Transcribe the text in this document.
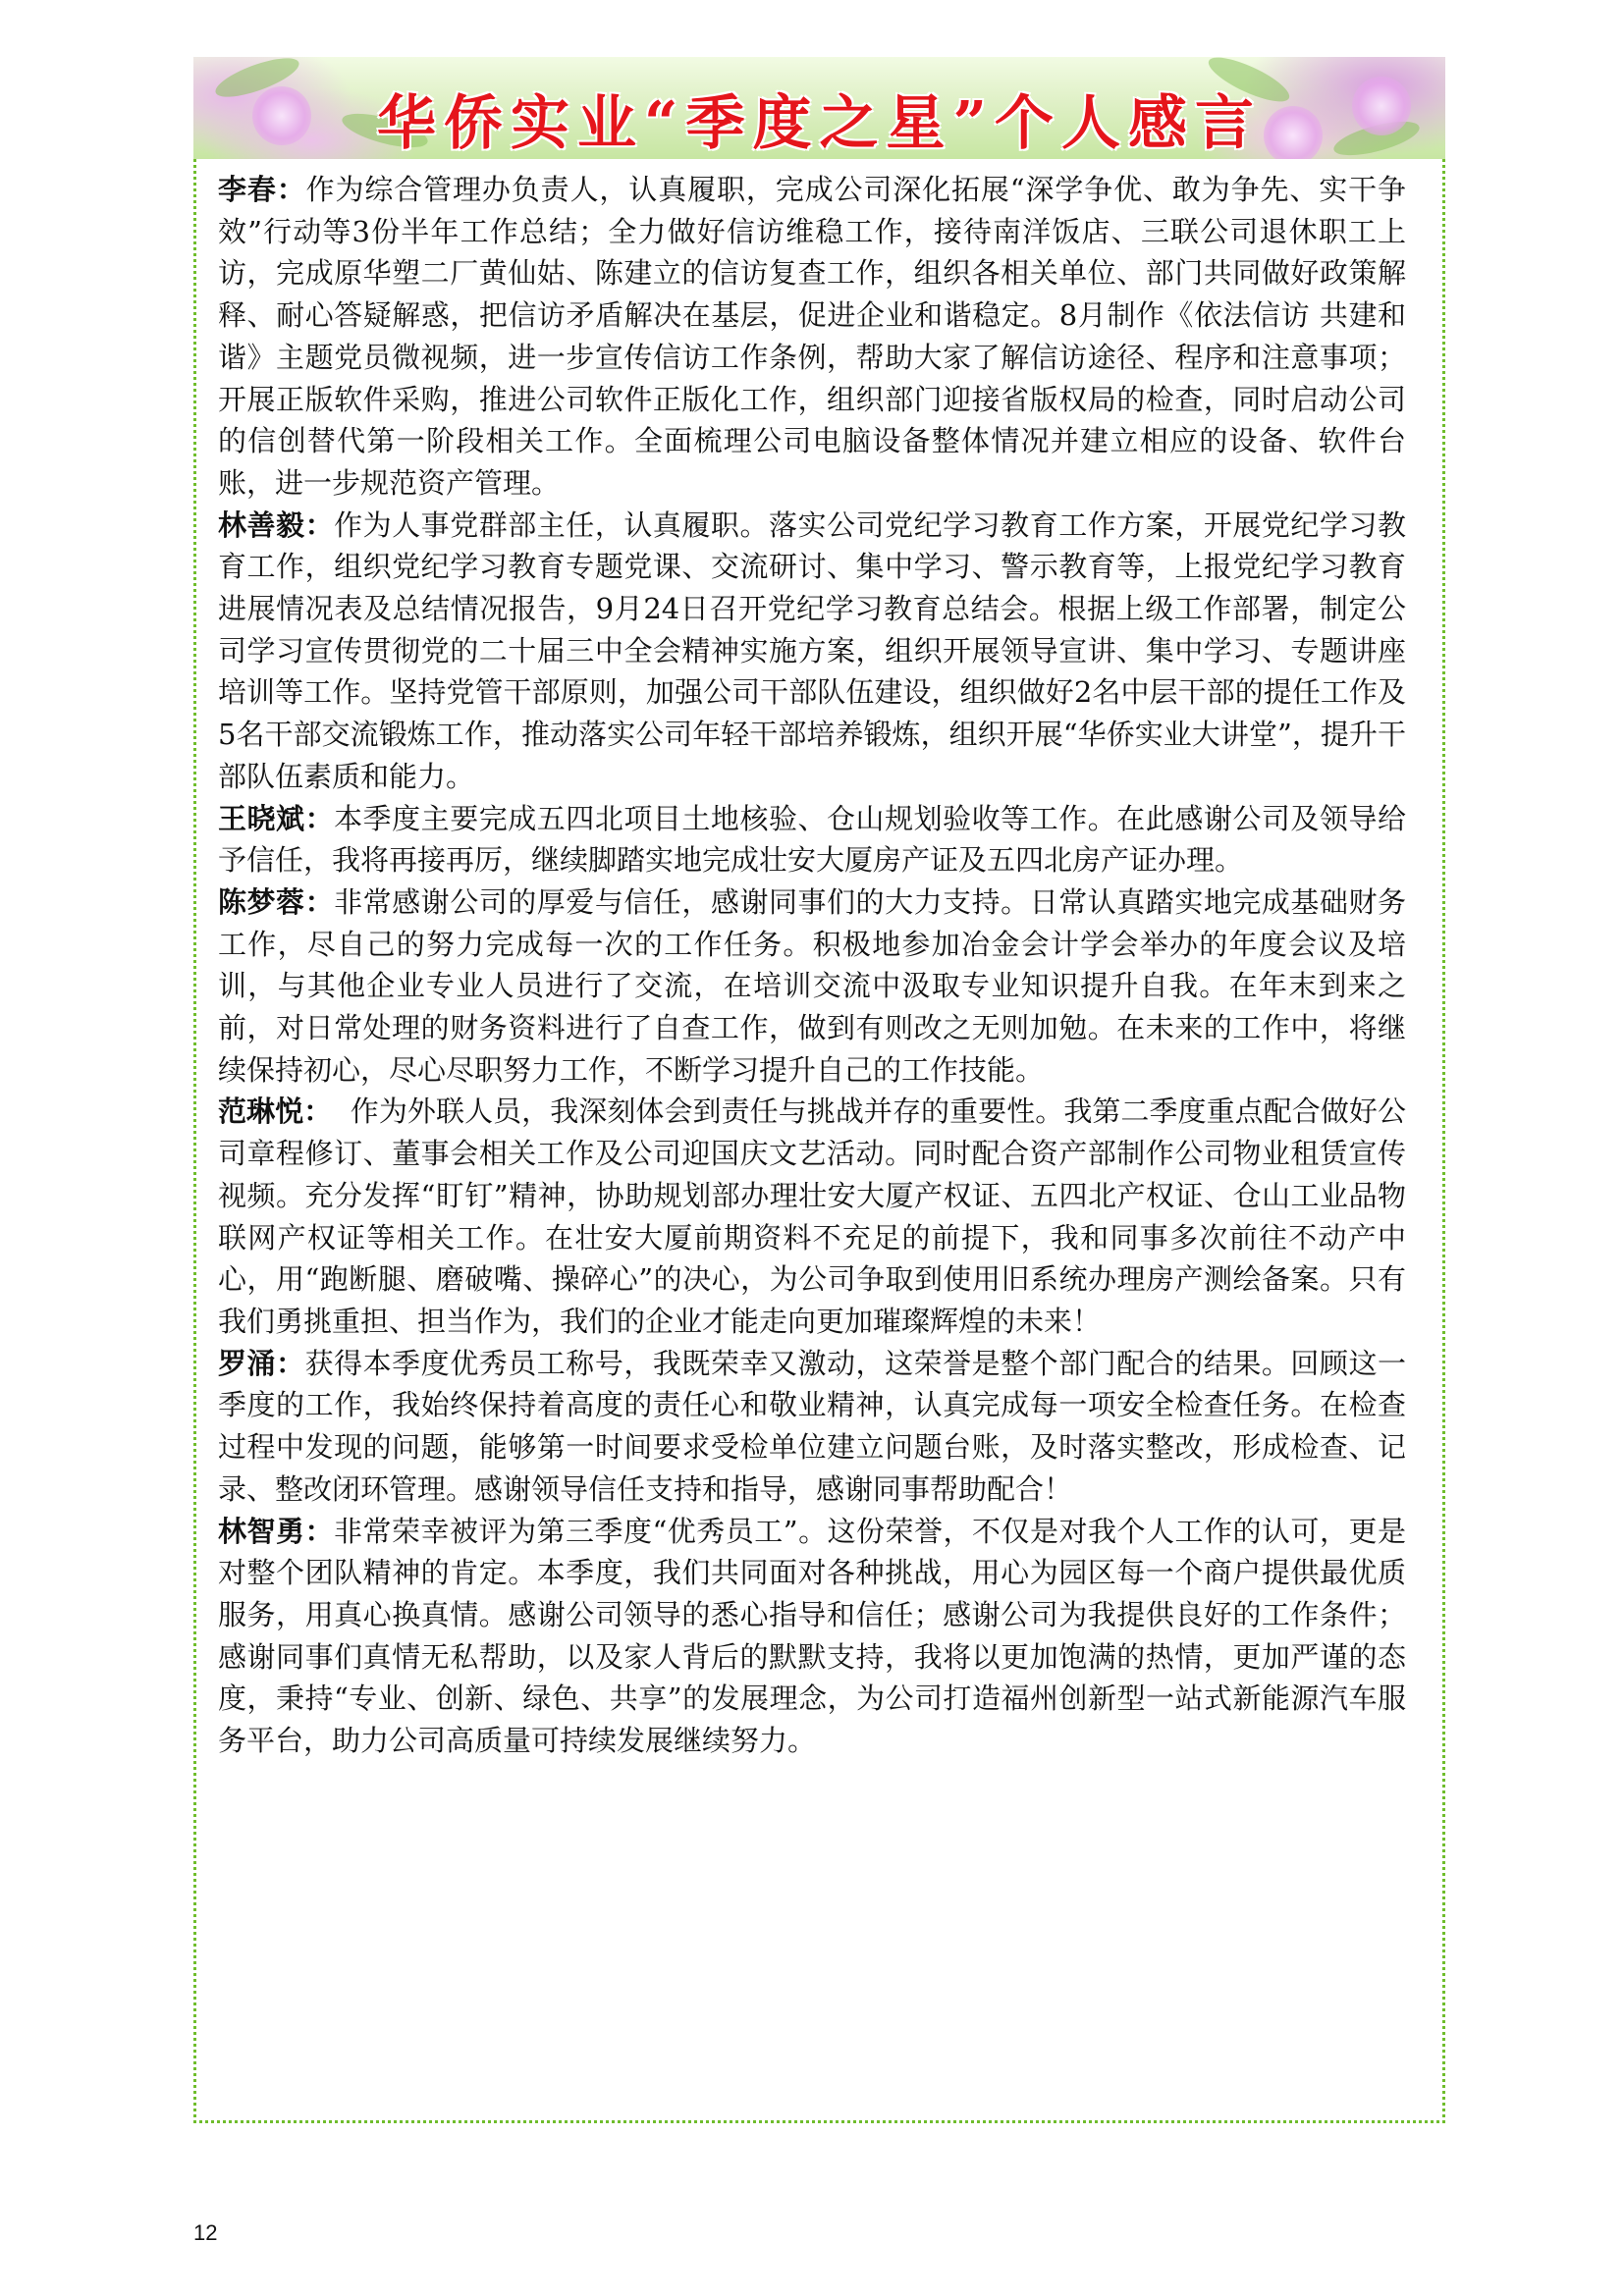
华侨实业“季度之星”个人感言

李春：作为综合管理办负责人，认真履职，完成公司深化拓展“深学争优、敢为争先、实干争效”行动等3份半年工作总结；全力做好信访维稳工作，接待南洋饭店、三联公司退休职工上访，完成原华塑二厂黄仙姑、陈建立的信访复查工作，组织各相关单位、部门共同做好政策解释、耐心答疑解惑，把信访矛盾解决在基层，促进企业和谐稳定。8月制作《依法信访 共建和谐》主题党员微视频，进一步宣传信访工作条例，帮助大家了解信访途径、程序和注意事项；开展正版软件采购，推进公司软件正版化工作，组织部门迎接省版权局的检查，同时启动公司的信创替代第一阶段相关工作。全面梳理公司电脑设备整体情况并建立相应的设备、软件台账，进一步规范资产管理。

林善毅：作为人事党群部主任，认真履职。落实公司党纪学习教育工作方案，开展党纪学习教育工作，组织党纪学习教育专题党课、交流研讨、集中学习、警示教育等，上报党纪学习教育进展情况表及总结情况报告，9月24日召开党纪学习教育总结会。根据上级工作部署，制定公司学习宣传贯彻党的二十届三中全会精神实施方案，组织开展领导宣讲、集中学习、专题讲座培训等工作。坚持党管干部原则，加强公司干部队伍建设，组织做好2名中层干部的提任工作及5名干部交流锻炼工作，推动落实公司年轻干部培养锻炼，组织开展“华侨实业大讲堂”，提升干部队伍素质和能力。

王晓斌：本季度主要完成五四北项目土地核验、仓山规划验收等工作。在此感谢公司及领导给予信任，我将再接再厉，继续脚踏实地完成壮安大厦房产证及五四北房产证办理。

陈梦蓉：非常感谢公司的厚爱与信任，感谢同事们的大力支持。日常认真踏实地完成基础财务工作，尽自己的努力完成每一次的工作任务。积极地参加冶金会计学会举办的年度会议及培训，与其他企业专业人员进行了交流，在培训交流中汲取专业知识提升自我。在年末到来之前，对日常处理的财务资料进行了自查工作，做到有则改之无则加勉。在未来的工作中，将继续保持初心，尽心尽职努力工作，不断学习提升自己的工作技能。

范琳悦：  作为外联人员，我深刻体会到责任与挑战并存的重要性。我第二季度重点配合做好公司章程修订、董事会相关工作及公司迎国庆文艺活动。同时配合资产部制作公司物业租赁宣传视频。充分发挥“盯钉”精神，协助规划部办理壮安大厦产权证、五四北产权证、仓山工业品物联网产权证等相关工作。在壮安大厦前期资料不充足的前提下，我和同事多次前往不动产中心，用“跑断腿、磨破嘴、操碎心”的决心，为公司争取到使用旧系统办理房产测绘备案。只有我们勇挑重担、担当作为，我们的企业才能走向更加璀璨辉煌的未来！

罗涌：获得本季度优秀员工称号，我既荣幸又激动，这荣誉是整个部门配合的结果。回顾这一季度的工作，我始终保持着高度的责任心和敬业精神，认真完成每一项安全检查任务。在检查过程中发现的问题，能够第一时间要求受检单位建立问题台账，及时落实整改，形成检查、记录、整改闭环管理。感谢领导信任支持和指导，感谢同事帮助配合！

林智勇：非常荣幸被评为第三季度“优秀员工”。这份荣誉，不仅是对我个人工作的认可，更是对整个团队精神的肯定。本季度，我们共同面对各种挑战，用心为园区每一个商户提供最优质服务，用真心换真情。感谢公司领导的悉心指导和信任；感谢公司为我提供良好的工作条件；感谢同事们真情无私帮助，以及家人背后的默默支持，我将以更加饱满的热情，更加严谨的态度，秉持“专业、创新、绿色、共享”的发展理念，为公司打造福州创新型一站式新能源汽车服务平台，助力公司高质量可持续发展继续努力。

12
